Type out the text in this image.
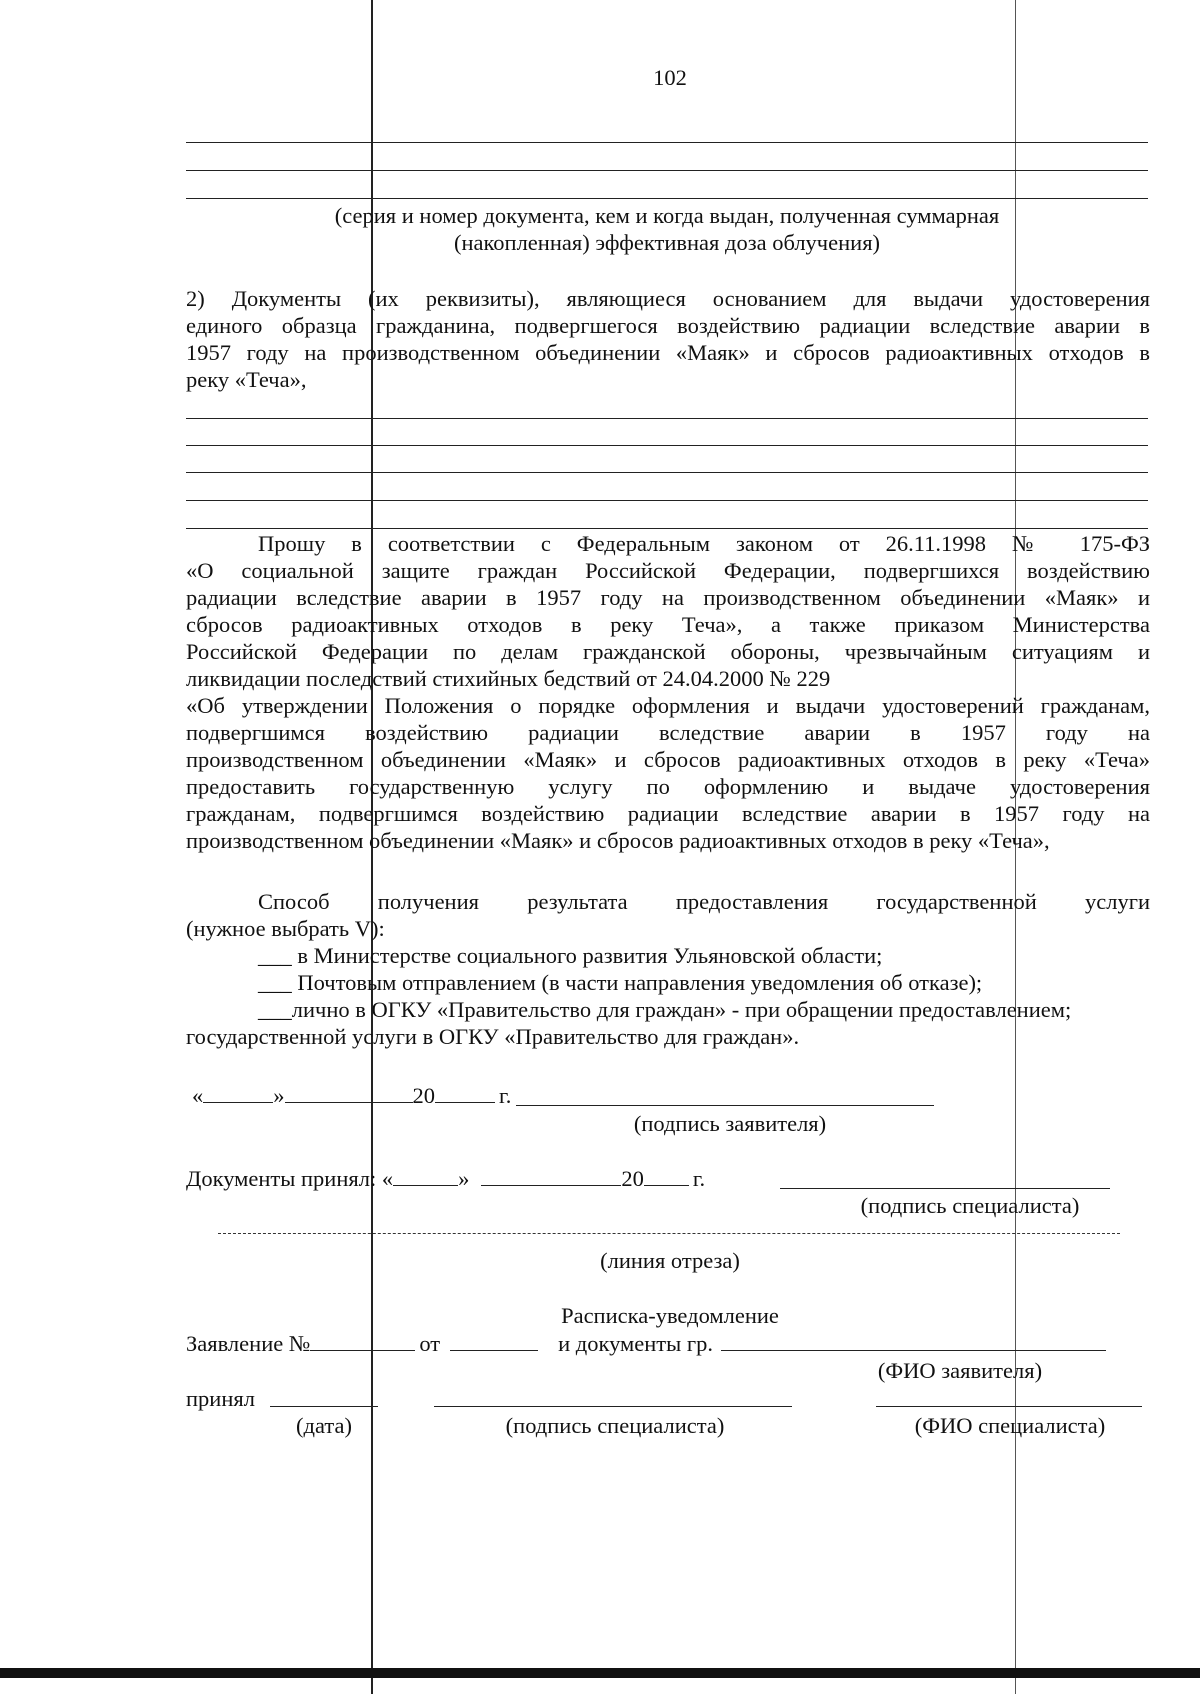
102
(серия и номер документа, кем и когда выдан, полученная суммарная
(накопленная) эффективная доза облучения)
2) Документы (их реквизиты), являющиеся основанием для выдачи удостоверения
единого образца гражданина, подвергшегося воздействию радиации вследствие аварии в
1957 году на производственном объединении «Маяк» и сбросов радиоактивных отходов в
реку «Теча»,
Прошу в соответствии с Федеральным законом от 26.11.1998 № 175-ФЗ
«О социальной защите граждан Российской Федерации, подвергшихся воздействию
радиации вследствие аварии в 1957 году на производственном объединении «Маяк» и
сбросов радиоактивных отходов в реку Теча», а также приказом Министерства
Российской Федерации по делам гражданской обороны, чрезвычайным ситуациям и
ликвидации последствий стихийных бедствий от 24.04.2000 № 229
«Об утверждении Положения о порядке оформления и выдачи удостоверений гражданам,
подвергшимся воздействию радиации вследствие аварии в 1957 году на
производственном объединении «Маяк» и сбросов радиоактивных отходов в реку «Теча»
предоставить государственную услугу по оформлению и выдаче удостоверения
гражданам, подвергшимся воздействию радиации вследствие аварии в 1957 году на
производственном объединении «Маяк» и сбросов радиоактивных отходов в реку «Теча»,
Способ получения результата предоставления государственной услуги
(нужное выбрать V):
___ в Министерстве социального развития Ульяновской области;
___ Почтовым отправлением (в части направления уведомления об отказе);
___лично в ОГКУ «Правительство для граждан» - при обращении предоставлением;
государственной услуги в ОГКУ «Правительство для граждан».
«	»	20	г.
(подпись заявителя)
Документы принял: «	»	20 г.
(подпись специалиста)
(линия отреза)
Расписка-уведомление
Заявление №	от	и документы гр.
(ФИО заявителя)
принял
(дата)	(подпись специалиста)	(ФИО специалиста)
